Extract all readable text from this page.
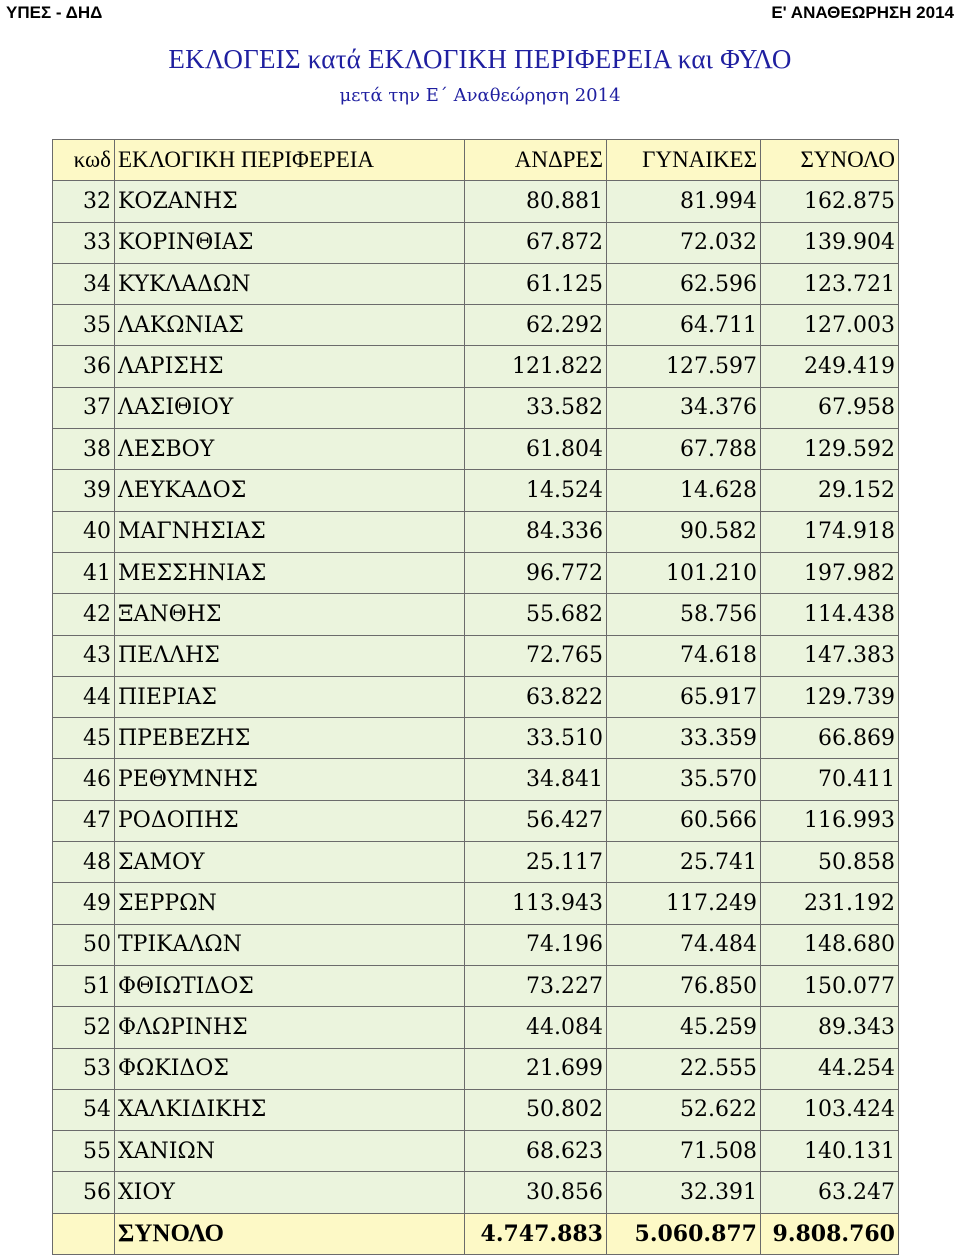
ΥΠΕΣ - ΔΗΔ	Ε' ΑΝΑΘΕΩΡΗΣΗ 2014
ΕΚΛΟΓΕΙΣ κατά ΕΚΛΟΓΙΚΗ ΠΕΡΙΦΕΡΕΙΑ και ΦΥΛΟ
μετά την Ε΄ Αναθεώρηση 2014
κωδ	ΕΚΛΟΓΙΚΗ ΠΕΡΙΦΕΡΕΙΑ	ΑΝΔΡΕΣ	ΓΥΝΑΙΚΕΣ	ΣΥΝΟΛΟ
32	ΚΟΖΑΝΗΣ	80.881	81.994	162.875
33	ΚΟΡΙΝΘΙΑΣ	67.872	72.032	139.904
34	ΚΥΚΛΑΔΩΝ	61.125	62.596	123.721
35	ΛΑΚΩΝΙΑΣ	62.292	64.711	127.003
36	ΛΑΡΙΣΗΣ	121.822	127.597	249.419
37	ΛΑΣΙΘΙΟΥ	33.582	34.376	67.958
38	ΛΕΣΒΟΥ	61.804	67.788	129.592
39	ΛΕΥΚΑΔΟΣ	14.524	14.628	29.152
40	ΜΑΓΝΗΣΙΑΣ	84.336	90.582	174.918
41	ΜΕΣΣΗΝΙΑΣ	96.772	101.210	197.982
42	ΞΑΝΘΗΣ	55.682	58.756	114.438
43	ΠΕΛΛΗΣ	72.765	74.618	147.383
44	ΠΙΕΡΙΑΣ	63.822	65.917	129.739
45	ΠΡΕΒΕΖΗΣ	33.510	33.359	66.869
46	ΡΕΘΥΜΝΗΣ	34.841	35.570	70.411
47	ΡΟΔΟΠΗΣ	56.427	60.566	116.993
48	ΣΑΜΟΥ	25.117	25.741	50.858
49	ΣΕΡΡΩΝ	113.943	117.249	231.192
50	ΤΡΙΚΑΛΩΝ	74.196	74.484	148.680
51	ΦΘΙΩΤΙΔΟΣ	73.227	76.850	150.077
52	ΦΛΩΡΙΝΗΣ	44.084	45.259	89.343
53	ΦΩΚΙΔΟΣ	21.699	22.555	44.254
54	ΧΑΛΚΙΔΙΚΗΣ	50.802	52.622	103.424
55	ΧΑΝΙΩΝ	68.623	71.508	140.131
56	ΧΙΟΥ	30.856	32.391	63.247
	ΣΥΝΟΛΟ	4.747.883	5.060.877	9.808.760
